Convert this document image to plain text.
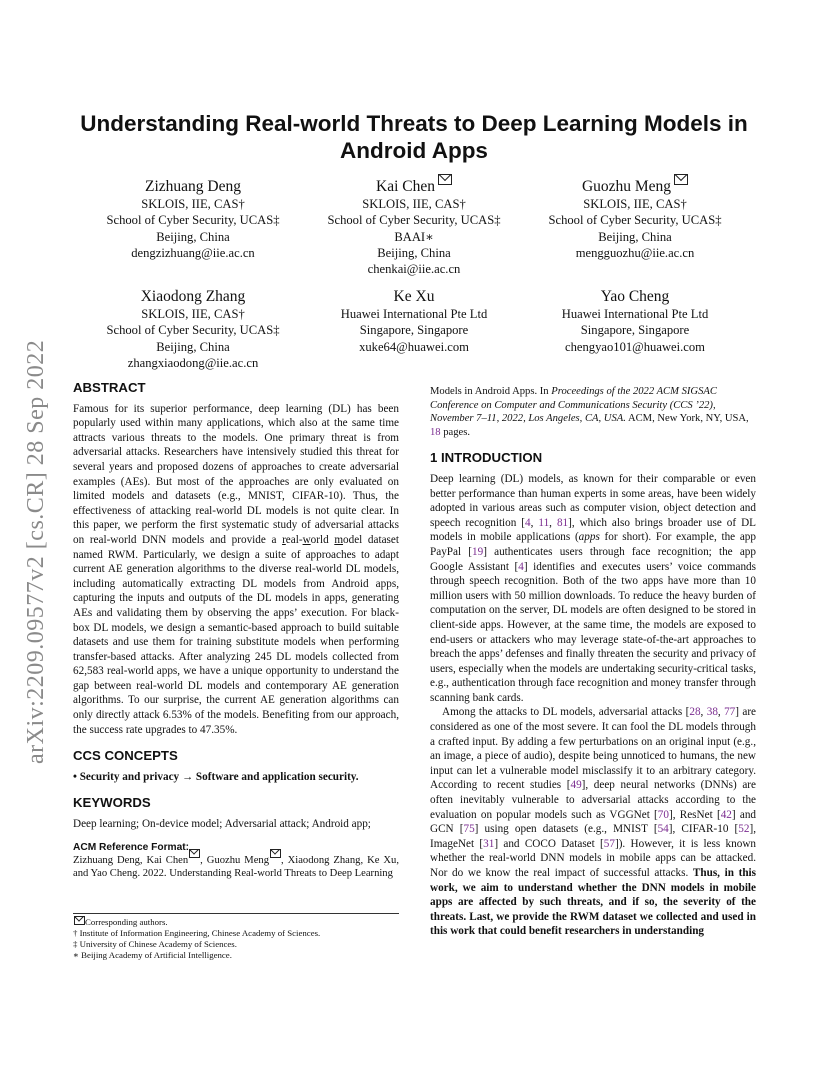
arXiv:2209.09577v2 [cs.CR] 28 Sep 2022
Understanding Real-world Threats to Deep Learning Models in
Android Apps
Zizhuang Deng
SKLOIS, IIE, CAS†
School of Cyber Security, UCAS‡
Beijing, China
dengzizhuang@iie.ac.cn
Kai Chen
SKLOIS, IIE, CAS†
School of Cyber Security, UCAS‡
BAAI∗
Beijing, China
chenkai@iie.ac.cn
Guozhu Meng
SKLOIS, IIE, CAS†
School of Cyber Security, UCAS‡
Beijing, China
mengguozhu@iie.ac.cn
Xiaodong Zhang
SKLOIS, IIE, CAS†
School of Cyber Security, UCAS‡
Beijing, China
zhangxiaodong@iie.ac.cn
Ke Xu
Huawei International Pte Ltd
Singapore, Singapore
xuke64@huawei.com
Yao Cheng
Huawei International Pte Ltd
Singapore, Singapore
chengyao101@huawei.com
ABSTRACT

Famous for its superior performance, deep learning (DL) has been popularly used within many applications, which also at the same time attracts various threats to the models. One primary threat is from adversarial attacks. Researchers have intensively studied this threat for several years and proposed dozens of approaches to create adversarial examples (AEs). But most of the approaches are only evaluated on limited models and datasets (e.g., MNIST, CIFAR-10). Thus, the effectiveness of attacking real-world DL models is not quite clear. In this paper, we perform the first systematic study of adversarial attacks on real-world DNN models and provide a real-world model dataset named RWM. Particularly, we design a suite of approaches to adapt current AE generation algorithms to the diverse real-world DL models, including automatically extracting DL models from Android apps, capturing the inputs and outputs of the DL models in apps, generating AEs and validating them by observing the apps’ execution. For black-box DL models, we design a semantic-based approach to build suitable datasets and use them for training substitute models when performing transfer-based attacks. After analyzing 245 DL models collected from 62,583 real-world apps, we have a unique opportunity to understand the gap between real-world DL models and contemporary AE generation algorithms. To our surprise, the current AE generation algorithms can only directly attack 6.53% of the models. Benefiting from our approach, the success rate upgrades to 47.35%.

CCS CONCEPTS

• Security and privacy → Software and application security.

KEYWORDS

Deep learning; On-device model; Adversarial attack; Android app;

ACM Reference Format:

Zizhuang Deng, Kai Chen , Guozhu Meng , Xiaodong Zhang, Ke Xu, and Yao Cheng. 2022. Understanding Real-world Threats to Deep Learning

Corresponding authors.
† Institute of Information Engineering, Chinese Academy of Sciences.
‡ University of Chinese Academy of Sciences.
∗ Beijing Academy of Artificial Intelligence.

Models in Android Apps. In Proceedings of the 2022 ACM SIGSAC Conference on Computer and Communications Security (CCS ’22), November 7–11, 2022, Los Angeles, CA, USA. ACM, New York, NY, USA, 18 pages.

1 INTRODUCTION

Deep learning (DL) models, as known for their comparable or even better performance than human experts in some areas, have been widely adopted in various areas such as computer vision, object detection and speech recognition [4, 11, 81], which also brings broader use of DL models in mobile applications (apps for short). For example, the app PayPal [19] authenticates users through face recognition; the app Google Assistant [4] identifies and executes users’ voice commands through speech recognition. Both of the two apps have more than 10 million users with 50 million downloads. To reduce the heavy burden of computation on the server, DL models are often designed to be stored in client-side apps. However, at the same time, the models are exposed to end-users or attackers who may leverage state-of-the-art approaches to breach the apps’ defenses and finally threaten the security and privacy of users, especially when the models are undertaking security-critical tasks, e.g., authentication through face recognition and money transfer through scanning bank cards.

Among the attacks to DL models, adversarial attacks [28, 38, 77] are considered as one of the most severe. It can fool the DL models through a crafted input. By adding a few perturbations on an original input (e.g., an image, a piece of audio), despite being unnoticed to humans, the new input can let a vulnerable model misclassify it to an arbitrary category. According to recent studies [49], deep neural networks (DNNs) are often inevitably vulnerable to adversarial attacks according to the evaluation on popular models such as VGGNet [70], ResNet [42] and GCN [75] using open datasets (e.g., MNIST [54], CIFAR-10 [52], ImageNet [31] and COCO Dataset [57]). However, it is less known whether the real-world DNN models in mobile apps can be attacked. Nor do we know the real impact of successful attacks. Thus, in this work, we aim to understand whether the DNN models in mobile apps are affected by such threats, and if so, the severity of the threats. Last, we provide the RWM dataset we collected and used in this work that could benefit researchers in understanding
